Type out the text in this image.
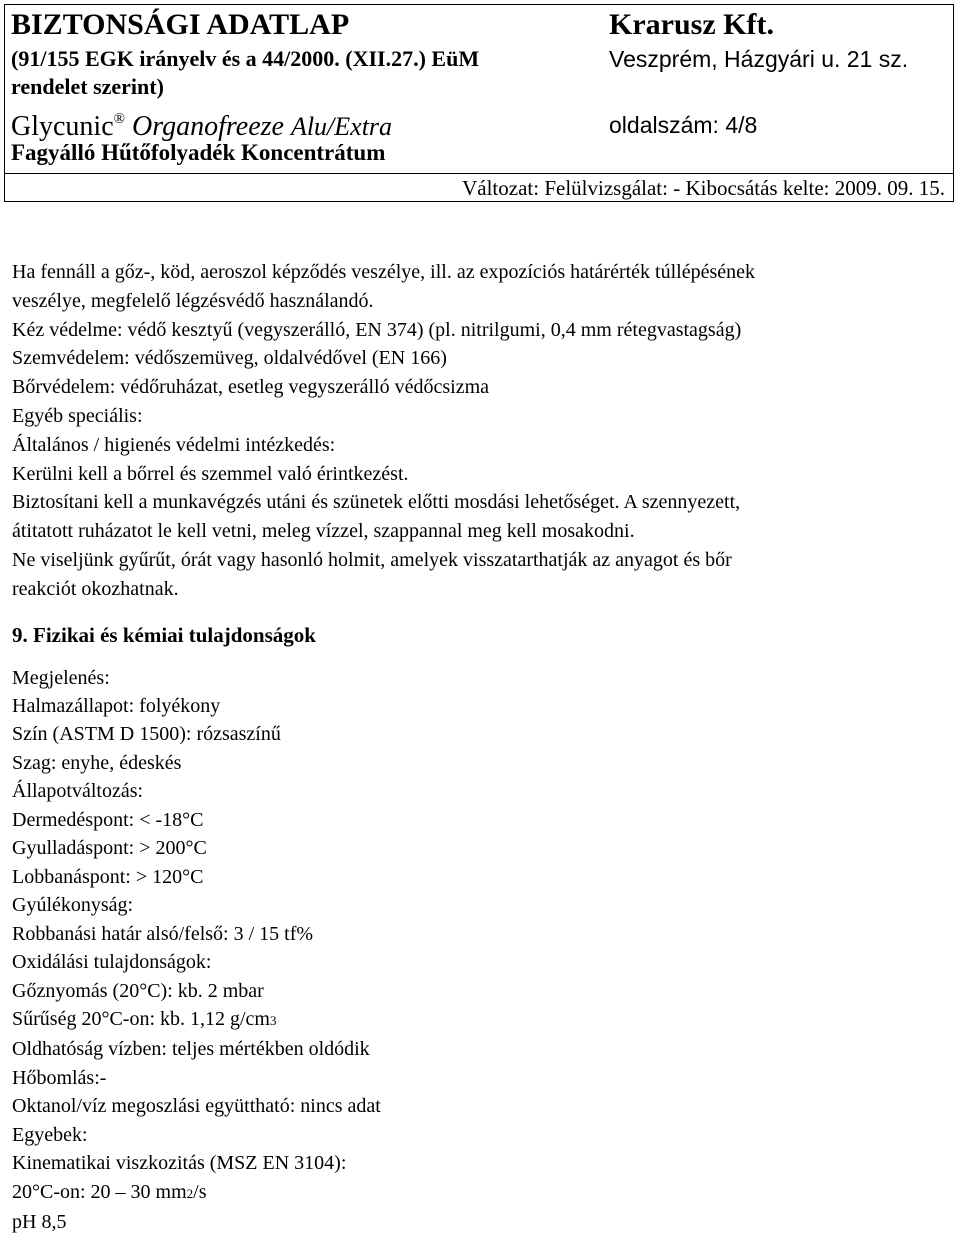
BIZTONSÁGI ADATLAP
(91/155 EGK irányelv és a 44/2000. (XII.27.) EüM
rendelet szerint)
Glycunic® Organofreeze Alu/Extra
Fagyálló Hűtőfolyadék Koncentrátum
Krarusz Kft.
Veszprém, Házgyári u. 21 sz.
oldalszám: 4/8
Változat: Felülvizsgálat: - Kibocsátás kelte: 2009. 09. 15.

Ha fennáll a gőz-, köd, aeroszol képződés veszélye, ill. az expozíciós határérték túllépésének

veszélye, megfelelő légzésvédő használandó.

Kéz védelme: védő kesztyű (vegyszerálló, EN 374) (pl. nitrilgumi, 0,4 mm rétegvastagság)

Szemvédelem: védőszemüveg, oldalvédővel (EN 166)

Bőrvédelem: védőruházat, esetleg vegyszerálló védőcsizma

Egyéb speciális:

Általános / higienés védelmi intézkedés:

Kerülni kell a bőrrel és szemmel való érintkezést.

Biztosítani kell a munkavégzés utáni és szünetek előtti mosdási lehetőséget. A szennyezett,

átitatott ruházatot le kell vetni, meleg vízzel, szappannal meg kell mosakodni.

Ne viseljünk gyűrűt, órát vagy hasonló holmit, amelyek visszatarthatják az anyagot és bőr

reakciót okozhatnak.

9. Fizikai és kémiai tulajdonságok

Megjelenés:

Halmazállapot: folyékony

Szín (ASTM D 1500): rózsaszínű

Szag: enyhe, édeskés

Állapotváltozás:

Dermedéspont: < -18°C

Gyulladáspont: > 200°C

Lobbanáspont: > 120°C

Gyúlékonyság:

Robbanási határ alsó/felső: 3 / 15 tf%

Oxidálási tulajdonságok:

Gőznyomás (20°C): kb. 2 mbar

Sűrűség 20°C-on: kb. 1,12 g/cm3

Oldhatóság vízben: teljes mértékben oldódik

Hőbomlás:-

Oktanol/víz megoszlási együttható: nincs adat

Egyebek:

Kinematikai viszkozitás (MSZ EN 3104):

20°C-on: 20 – 30 mm2/s

pH 8,5
